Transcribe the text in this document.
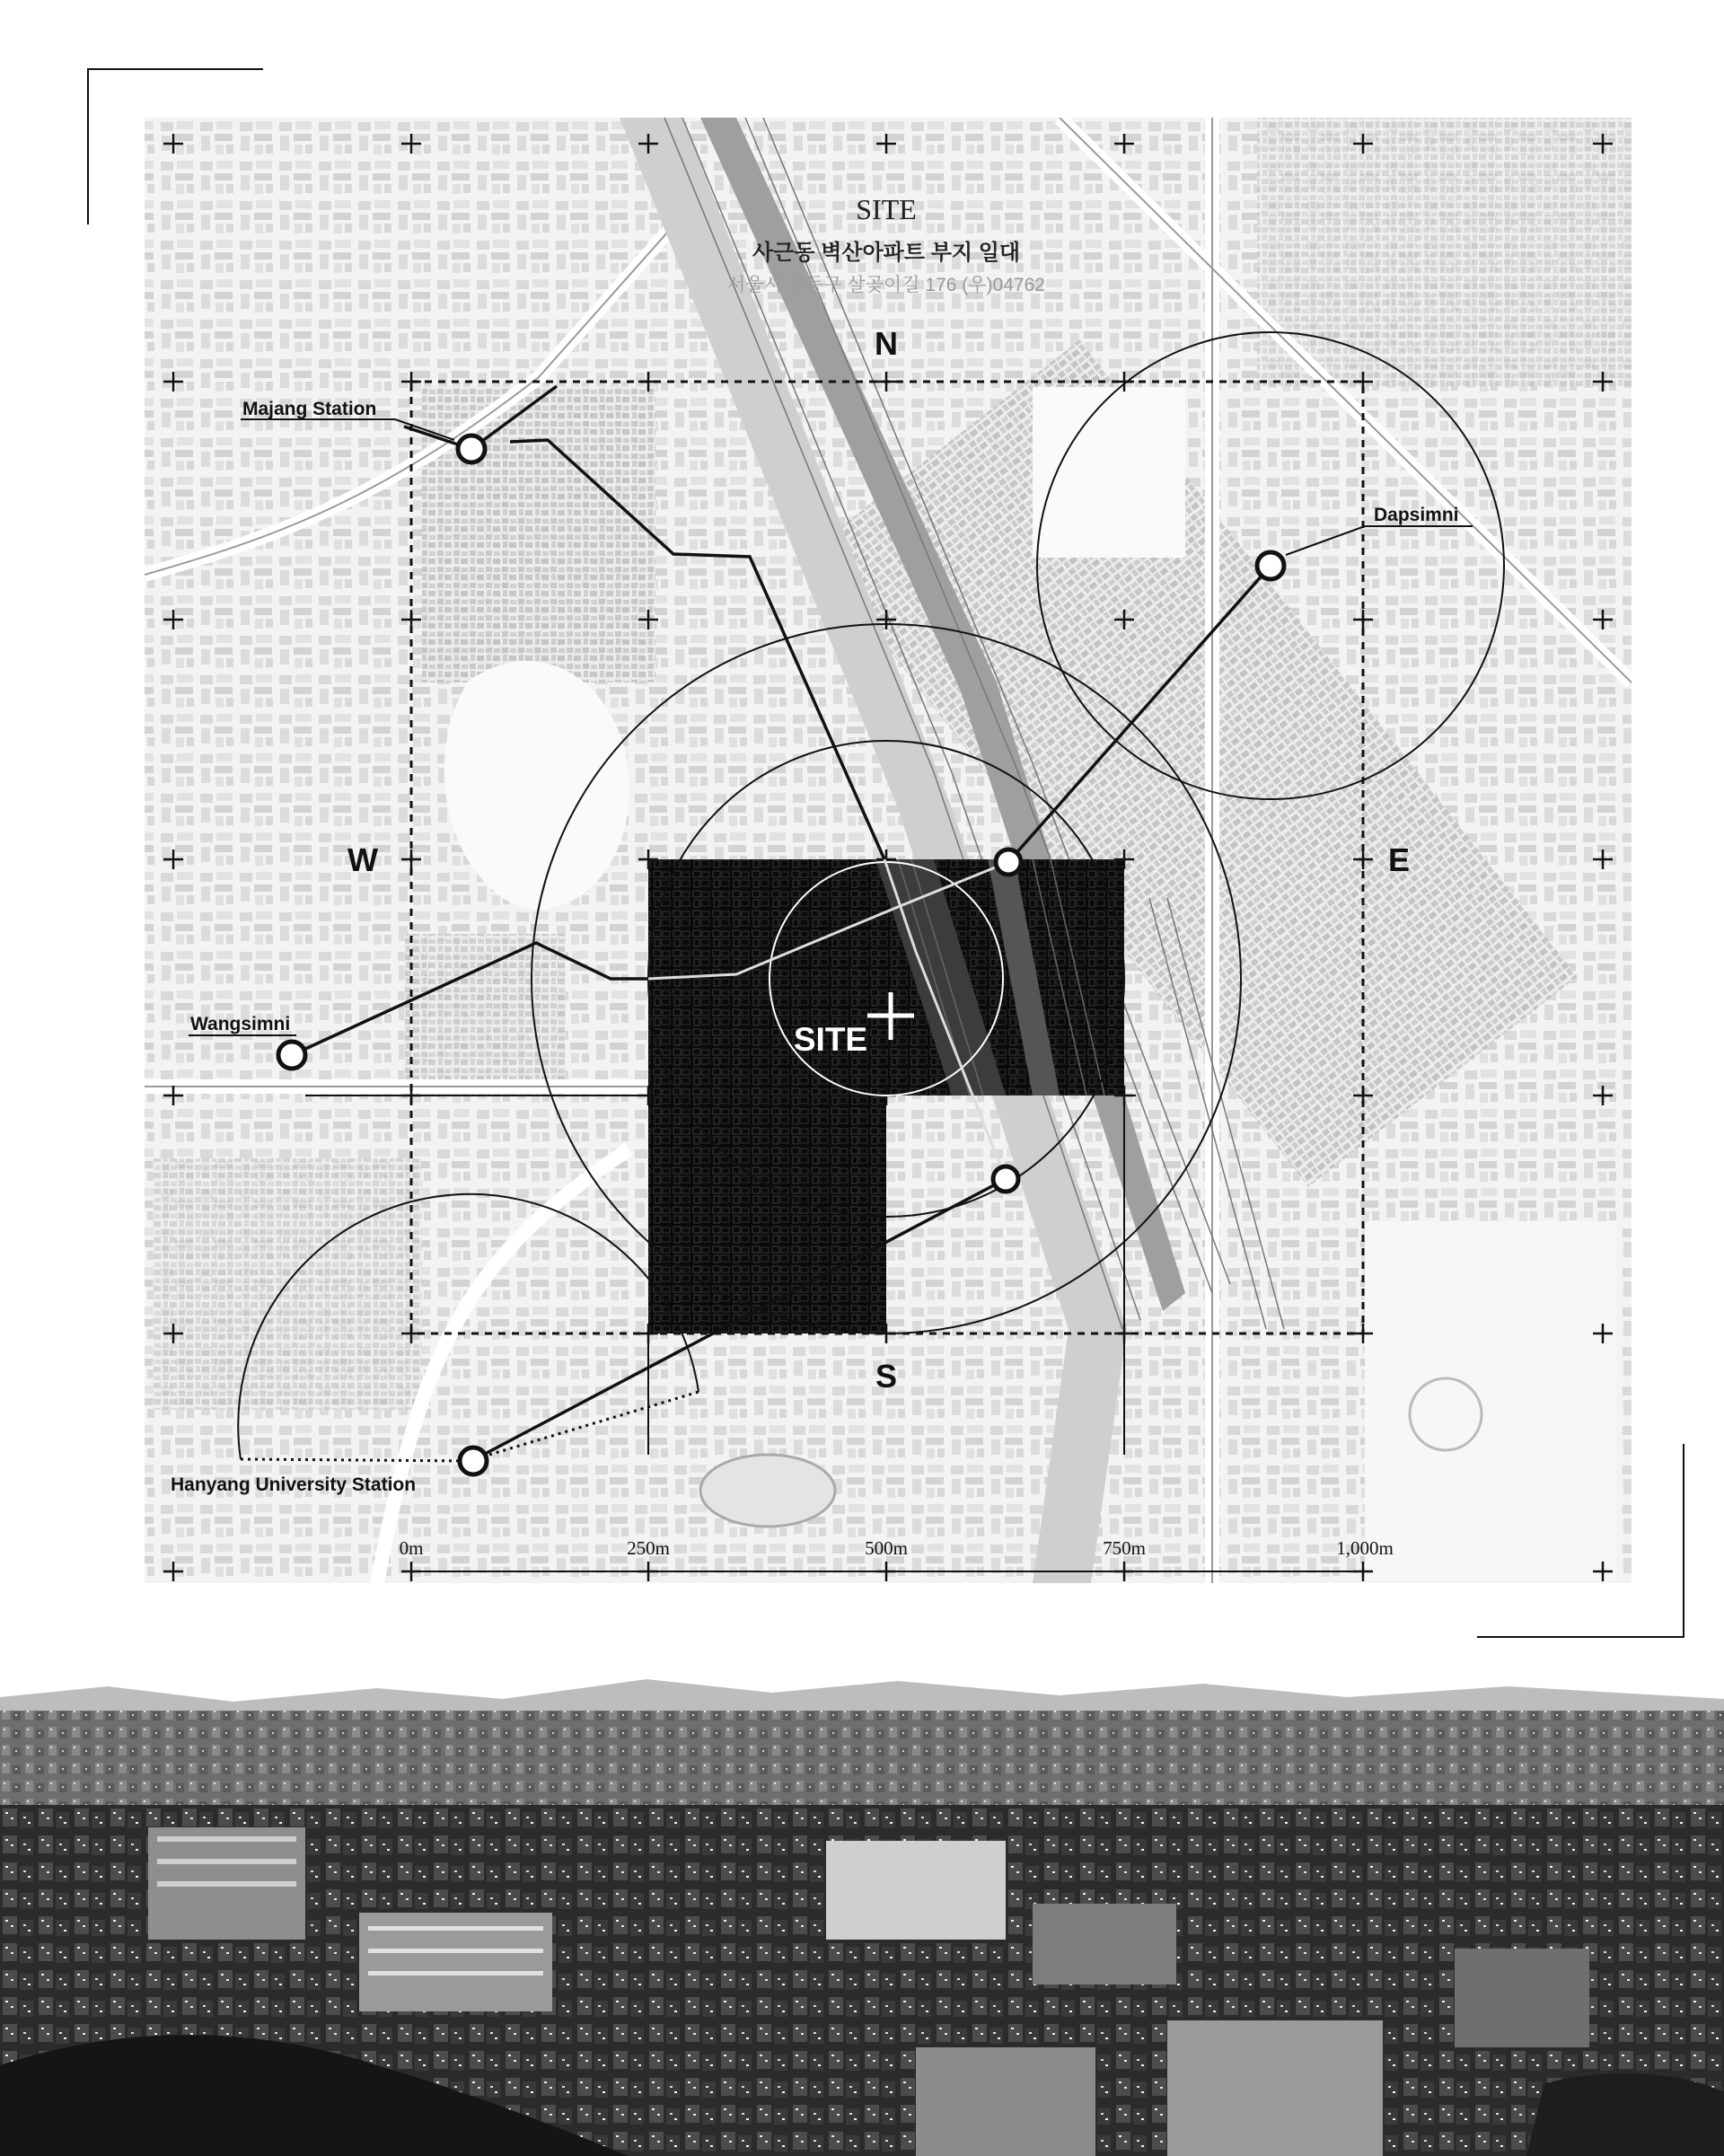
SITE
사근동 벽산아파트 부지 일대
서울시 성동구 살곶이길 176 (우)04762
N
S
E
W
Majang Station
Dapsimni
Wangsimni
Hanyang University Station
SITE
0m	250m	500m	750m	1,000m
